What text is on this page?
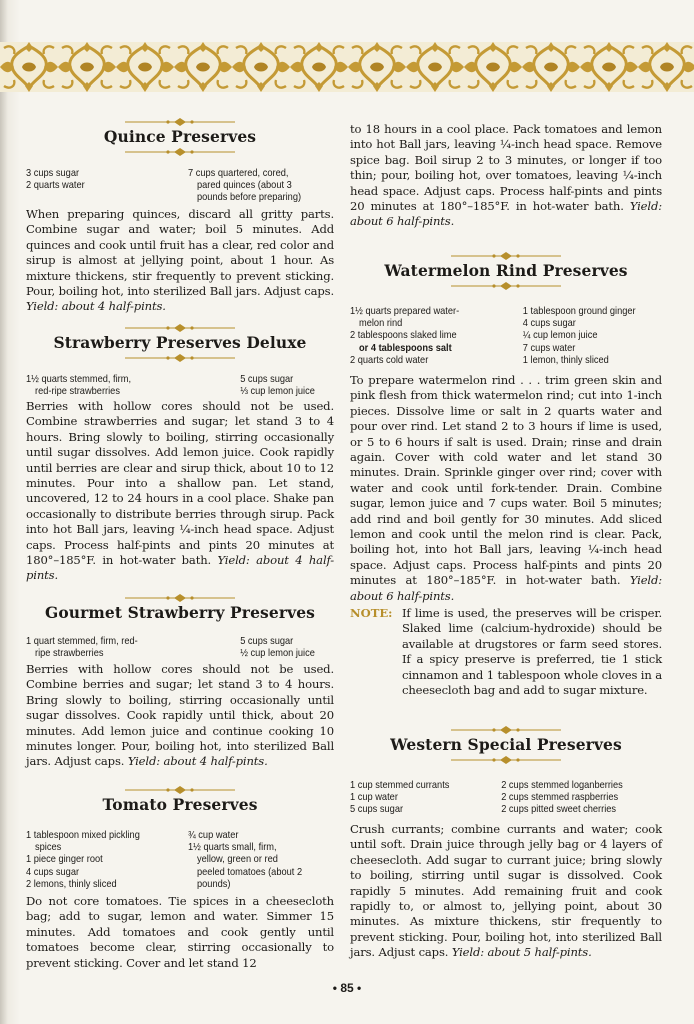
Quince Preserves
3 cups sugar
2 quarts water
7 cups quartered, cored,
pared quinces (about 3
pounds before preparing)
When preparing quinces, discard all gritty parts. Combine sugar and water; boil 5 minutes. Add quinces and cook until fruit has a clear, red color and sirup is almost at jellying point, about 1 hour. As mixture thickens, stir frequently to prevent sticking. Pour, boiling hot, into sterilized Ball jars. Adjust caps. Yield: about 4 half-pints.
Strawberry Preserves Deluxe
1½ quarts stemmed, firm,
red-ripe strawberries
5 cups sugar
⅓ cup lemon juice
Berries with hollow cores should not be used. Combine strawberries and sugar; let stand 3 to 4 hours. Bring slowly to boiling, stirring occasionally until sugar dissolves. Add lemon juice. Cook rapidly until berries are clear and sirup thick, about 10 to 12 minutes. Pour into a shallow pan. Let stand, uncovered, 12 to 24 hours in a cool place. Shake pan occasionally to distribute berries through sirup. Pack into hot Ball jars, leaving ¼-inch head space. Adjust caps. Process half-pints and pints 20 minutes at 180°–185°F. in hot-water bath. Yield: about 4 half-pints.
Gourmet Strawberry Preserves
1 quart stemmed, firm, red-
ripe strawberries
5 cups sugar
½ cup lemon juice
Berries with hollow cores should not be used. Combine berries and sugar; let stand 3 to 4 hours. Bring slowly to boiling, stirring occasionally until sugar dissolves. Cook rapidly until thick, about 20 minutes. Add lemon juice and continue cooking 10 minutes longer. Pour, boiling hot, into sterilized Ball jars. Adjust caps. Yield: about 4 half-pints.
Tomato Preserves
1 tablespoon mixed pickling
spices
1 piece ginger root
4 cups sugar
2 lemons, thinly sliced
¾ cup water
1½ quarts small, firm,
yellow, green or red
peeled tomatoes (about 2
pounds)
Do not core tomatoes. Tie spices in a cheesecloth bag; add to sugar, lemon and water. Simmer 15 minutes. Add tomatoes and cook gently until tomatoes become clear, stirring occasionally to prevent sticking. Cover and let stand 12
to 18 hours in a cool place. Pack tomatoes and lemon into hot Ball jars, leaving ¼-inch head space. Remove spice bag. Boil sirup 2 to 3 minutes, or longer if too thin; pour, boiling hot, over tomatoes, leaving ¼-inch head space. Adjust caps. Process half-pints and pints 20 minutes at 180°–185°F. in hot-water bath. Yield: about 6 half-pints.
Watermelon Rind Preserves
1½ quarts prepared water-
melon rind
2 tablespoons slaked lime
or 4 tablespoons salt
2 quarts cold water
1 tablespoon ground ginger
4 cups sugar
¼ cup lemon juice
7 cups water
1 lemon, thinly sliced
To prepare watermelon rind . . . trim green skin and pink flesh from thick watermelon rind; cut into 1-inch pieces. Dissolve lime or salt in 2 quarts water and pour over rind. Let stand 2 to 3 hours if lime is used, or 5 to 6 hours if salt is used. Drain; rinse and drain again. Cover with cold water and let stand 30 minutes. Drain. Sprinkle ginger over rind; cover with water and cook until fork-tender. Drain. Combine sugar, lemon juice and 7 cups water. Boil 5 minutes; add rind and boil gently for 30 minutes. Add sliced lemon and cook until the melon rind is clear. Pack, boiling hot, into hot Ball jars, leaving ¼-inch head space. Adjust caps. Process half-pints and pints 20 minutes at 180°–185°F. in hot-water bath. Yield: about 6 half-pints.
NOTE: If lime is used, the preserves will be crisper. Slaked lime (calcium-hydroxide) should be available at drugstores or farm seed stores. If a spicy preserve is preferred, tie 1 stick cinnamon and 1 tablespoon whole cloves in a cheesecloth bag and add to sugar mixture.
Western Special Preserves
1 cup stemmed currants
1 cup water
5 cups sugar
2 cups stemmed loganberries
2 cups stemmed raspberries
2 cups pitted sweet cherries
Crush currants; combine currants and water; cook until soft. Drain juice through jelly bag or 4 layers of cheesecloth. Add sugar to currant juice; bring slowly to boiling, stirring until sugar is dissolved. Cook rapidly 5 minutes. Add remaining fruit and cook rapidly to, or almost to, jellying point, about 30 minutes. As mixture thickens, stir frequently to prevent sticking. Pour, boiling hot, into sterilized Ball jars. Adjust caps. Yield: about 5 half-pints.
• 85 •
